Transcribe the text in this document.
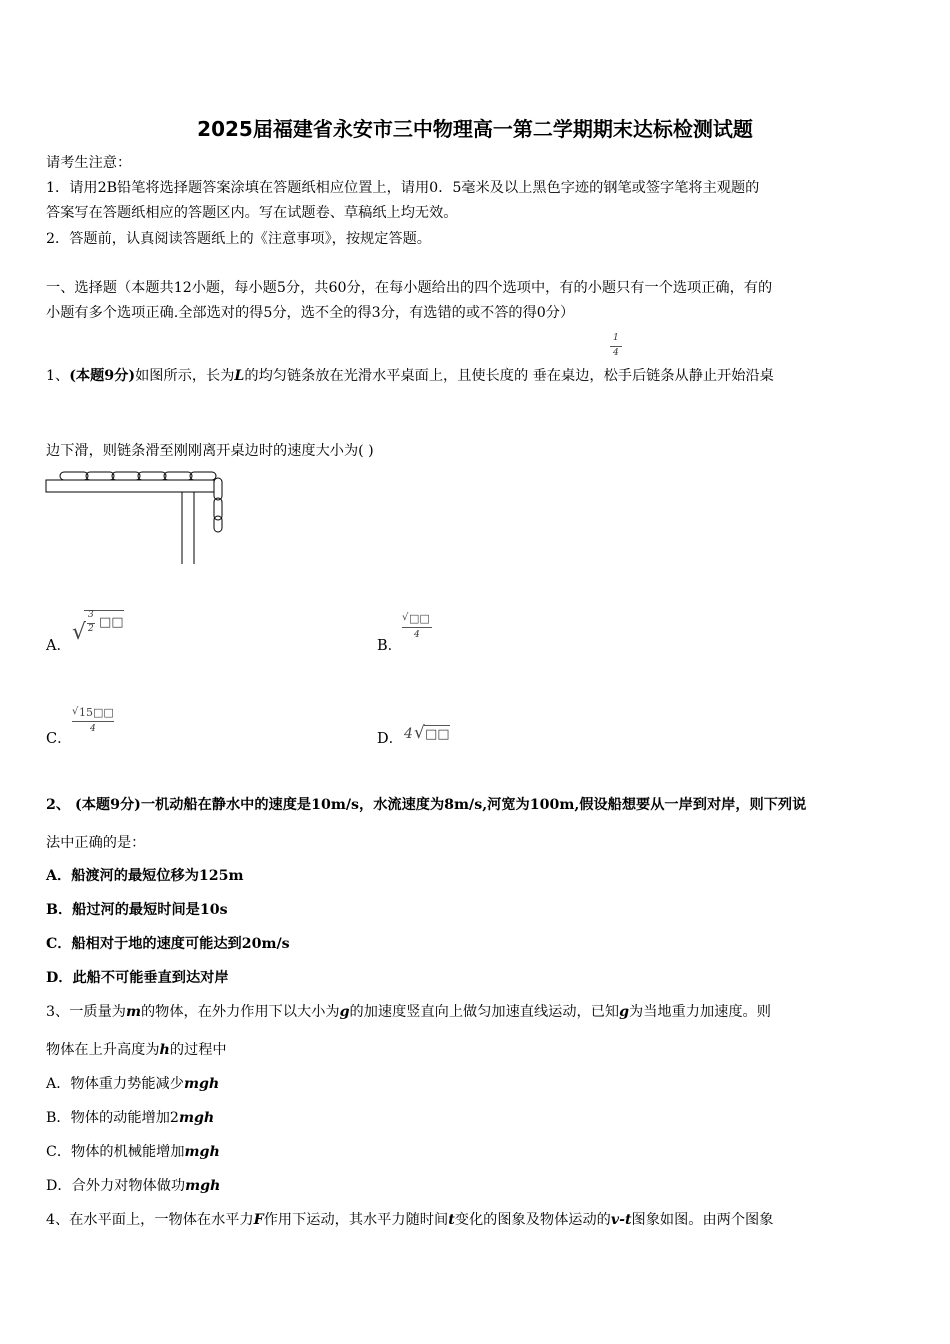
2025届福建省永安市三中物理高一第二学期期末达标检测试题
请考生注意：
1．请用2B铅笔将选择题答案涂填在答题纸相应位置上，请用0．5毫米及以上黑色字迹的钢笔或签字笔将主观题的
答案写在答题纸相应的答题区内。写在试题卷、草稿纸上均无效。
2．答题前，认真阅读答题纸上的《注意事项》，按规定答题。
一、选择题（本题共12小题，每小题5分，共60分，在每小题给出的四个选项中，有的小题只有一个选项正确，有的
小题有多个选项正确.全部选对的得5分，选不全的得3分，有选错的或不答的得0分）
1
4
1、(本题9分)如图所示，长为L的均匀链条放在光滑水平桌面上，且使长度的 垂在桌边，松手后链条从静止开始沿桌
边下滑，则链条滑至刚刚离开桌边时的速度大小为( )
A．
√
3
2 □□
B．
√ □□
4
C．
√ 15□□
4
D． 4 √ □□
2、 (本题9分)一机动船在静水中的速度是10m/s，水流速度为8m/s,河宽为100m,假设船想要从一岸到对岸，则下列说
法中正确的是：
A．船渡河的最短位移为125m
B．船过河的最短时间是10s
C．船相对于地的速度可能达到20m/s
D．此船不可能垂直到达对岸
3、一质量为m的物体，在外力作用下以大小为g的加速度竖直向上做匀加速直线运动，已知g为当地重力加速度。则
物体在上升高度为h的过程中
A．物体重力势能减少mgh
B．物体的动能增加2mgh
C．物体的机械能增加mgh
D．合外力对物体做功mgh
4、在水平面上，一物体在水平力F作用下运动，其水平力随时间t变化的图象及物体运动的v-t图象如图。由两个图象
